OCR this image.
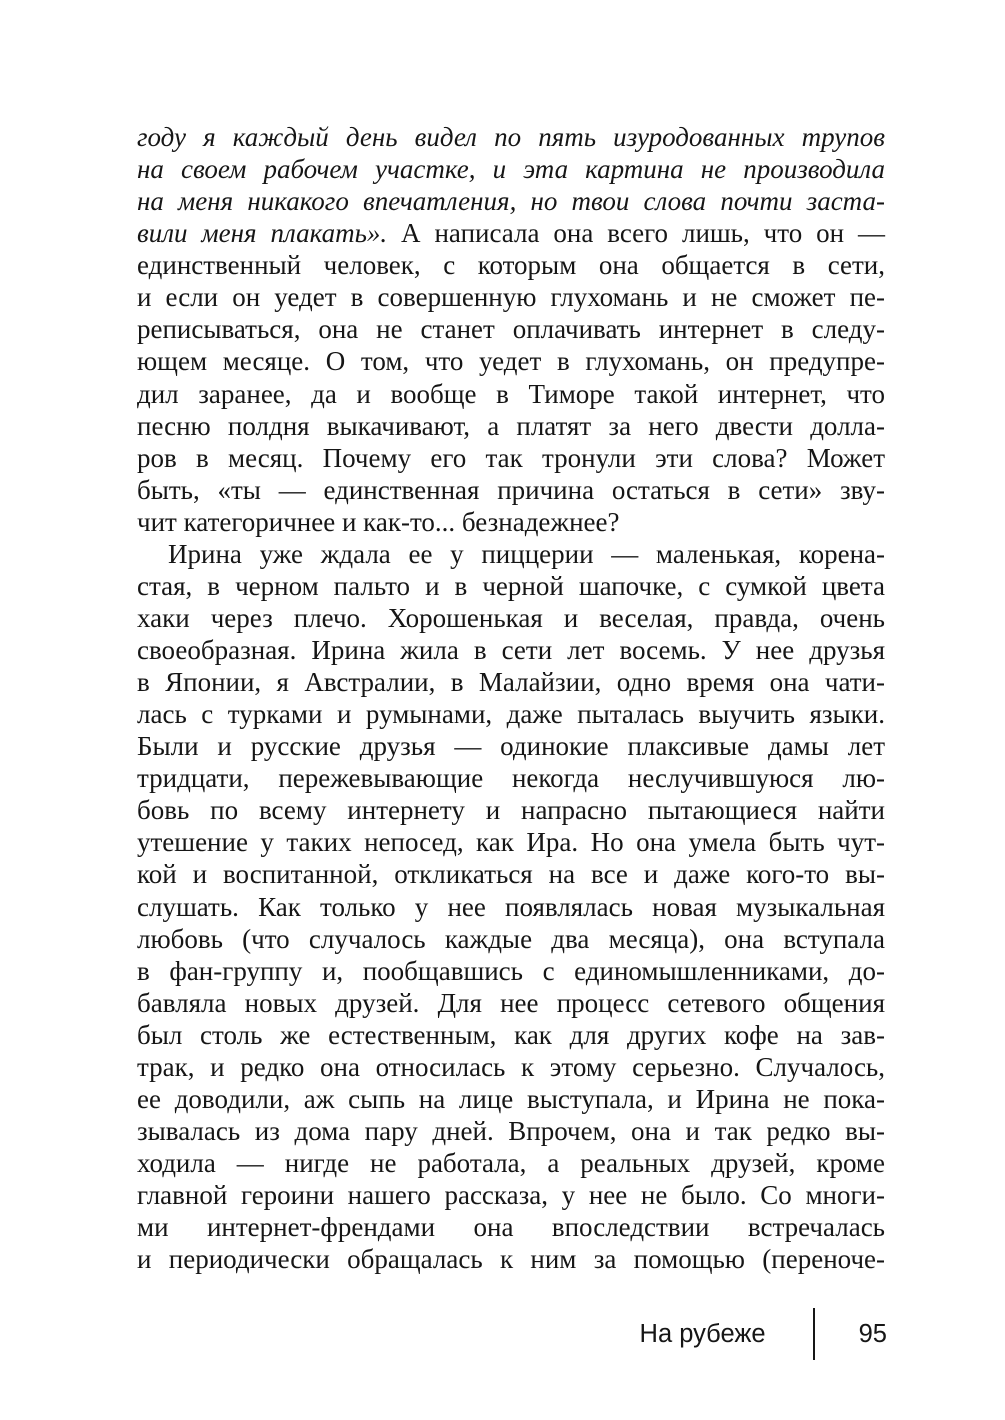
году я каждый день видел по пять изуродованных трупов
на своем рабочем участке, и эта картина не производила
на меня никакого впечатления, но твои слова почти заста-
вили меня плакать». А написала она всего лишь, что он —
единственный человек, с которым она общается в сети,
и если он уедет в совершенную глухомань и не сможет пе-
реписываться, она не станет оплачивать интернет в следу-
ющем месяце. О том, что уедет в глухомань, он предупре-
дил заранее, да и вообще в Тиморе такой интернет, что
песню полдня выкачивают, а платят за него двести долла-
ров в месяц. Почему его так тронули эти слова? Может
быть, «ты — единственная причина остаться в сети» зву-
чит категоричнее и как-то... безнадежнее?
Ирина уже ждала ее у пиццерии — маленькая, корена-
стая, в черном пальто и в черной шапочке, с сумкой цвета
хаки через плечо. Хорошенькая и веселая, правда, очень
своеобразная. Ирина жила в сети лет восемь. У нее друзья
в Японии, я Австралии, в Малайзии, одно время она чати-
лась с турками и румынами, даже пыталась выучить языки.
Были и русские друзья — одинокие плаксивые дамы лет
тридцати, пережевывающие некогда неслучившуюся лю-
бовь по всему интернету и напрасно пытающиеся найти
утешение у таких непосед, как Ира. Но она умела быть чут-
кой и воспитанной, откликаться на все и даже кого-то вы-
слушать. Как только у нее появлялась новая музыкальная
любовь (что случалось каждые два месяца), она вступала
в фан-группу и, пообщавшись с единомышленниками, до-
бавляла новых друзей. Для нее процесс сетевого общения
был столь же естественным, как для других кофе на зав-
трак, и редко она относилась к этому серьезно. Случалось,
ее доводили, аж сыпь на лице выступала, и Ирина не пока-
зывалась из дома пару дней. Впрочем, она и так редко вы-
ходила — нигде не работала, а реальных друзей, кроме
главной героини нашего рассказа, у нее не было. Со многи-
ми интернет-френдами она впоследствии встречалась
и периодически обращалась к ним за помощью (переноче-
На рубеже	95
